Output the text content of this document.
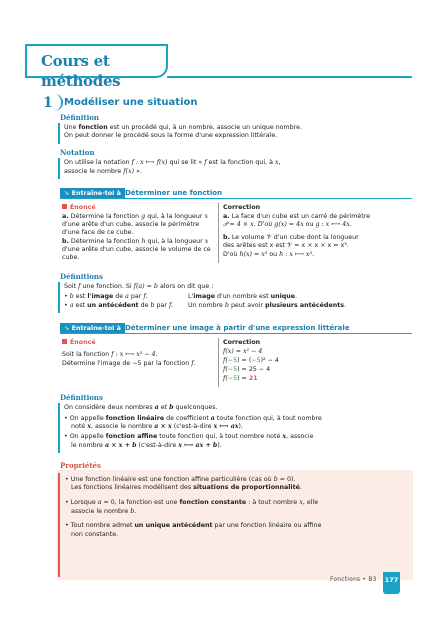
Cours et méthodes
1 Modéliser une situation
Définition
Une fonction est un procédé qui, à un nombre, associe un unique nombre.
On peut donner le procédé sous la forme d'une expression littérale.
Notation
On utilise la notation f : x ⟼ f(x) qui se lit « f est la fonction qui, à x,
associe le nombre f(x) ».
➘ Entraîne-toi à Déterminer une fonction
Énoncé
a. Détermine la fonction g qui, à la longueur x
d'une arête d'un cube, associe le périmètre
d'une face de ce cube.
b. Détermine la fonction h qui, à la longueur x
d'une arête d'un cube, associe le volume de ce
cube.
Correction
a. La face d'un cube est un carré de périmètre
𝒫 = 4 × x. D'où g(x) = 4x ou g : x ⟼ 4x.
b. Le volume 𝒱 d'un cube dont la longueur
des arêtes est x est 𝒱 = x × x × x = x³.
D'où h(x) = x³ ou h : x ⟼ x³.
Définitions
Soit f une fonction. Si f(a) = b alors on dit que :
• b est l'image de a par f.
• a est un antécédent de b par f.
L'image d'un nombre est unique.
Un nombre b peut avoir plusieurs antécédents.
➘ Entraîne-toi à Déterminer une image à partir d'une expression littérale
Énoncé
Soit la fonction f : x ⟼ x² − 4.
Détermine l'image de −5 par la fonction f.
Correction
f(x) = x² − 4
f(−5) = (−5)² − 4
f(−5) = 25 − 4
f(−5) = 21
Définitions
On considère deux nombres a et b quelconques.
• On appelle fonction linéaire de coefficient a toute fonction qui, à tout nombre
noté x, associe le nombre a × x (c'est-à-dire x ⟼ ax).
• On appelle fonction affine toute fonction qui, à tout nombre noté x, associe
le nombre a × x + b (c'est-à-dire x ⟼ ax + b).
Propriétés
• Une fonction linéaire est une fonction affine particulière (cas où b = 0).
Les fonctions linéaires modélisent des situations de proportionnalité.
• Lorsque a = 0, la fonction est une fonction constante : à tout nombre x, elle
associe le nombre b.
• Tout nombre admet un unique antécédent par une fonction linéaire ou affine
non constante.
Fonctions • B3 177
